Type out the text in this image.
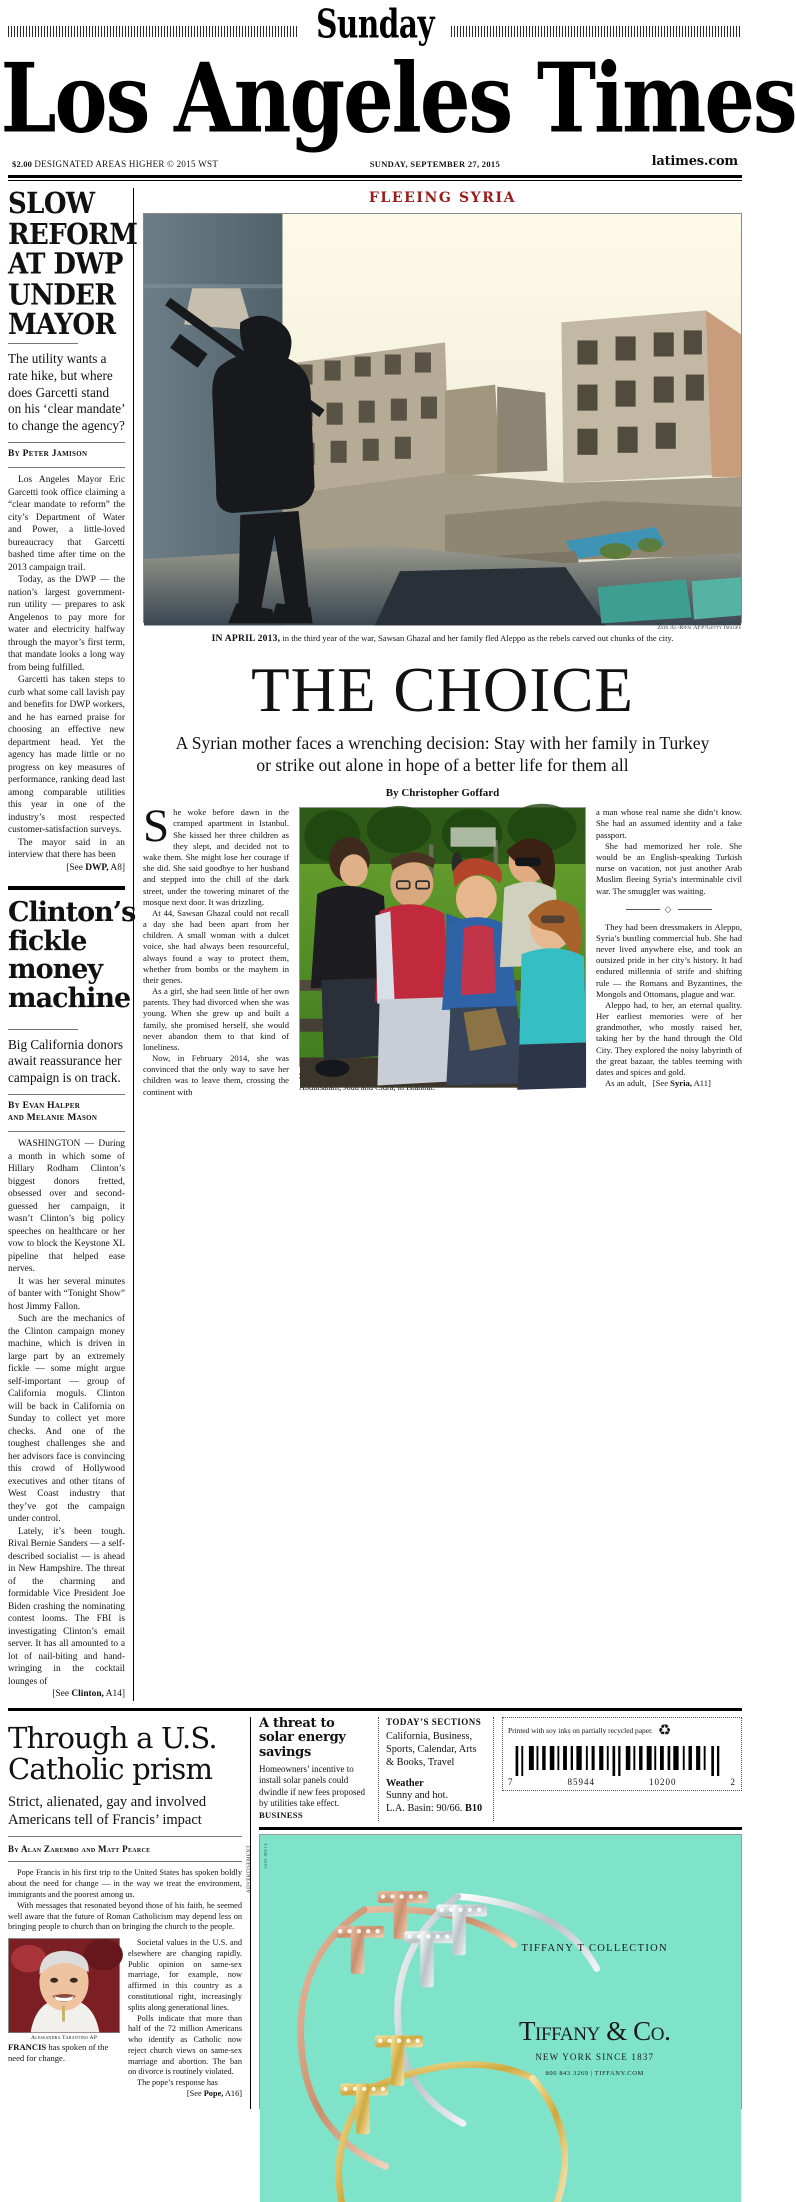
Sunday
Los Angeles Times
$2.00 DESIGNATED AREAS HIGHER © 2015 WST	SUNDAY, SEPTEMBER 27, 2015	latimes.com
SLOW REFORM AT DWP UNDER MAYOR
The utility wants a rate hike, but where does Garcetti stand on his ‘clear mandate’ to change the agency?
By Peter Jamison

Los Angeles Mayor Eric Garcetti took office claiming a “clear mandate to reform” the city’s Department of Water and Power, a little-loved bureaucracy that Garcetti bashed time after time on the 2013 campaign trail.

Today, as the DWP — the nation’s largest government-run utility — prepares to ask Angelenos to pay more for water and electricity halfway through the mayor’s first term, that mandate looks a long way from being fulfilled.

Garcetti has taken steps to curb what some call lavish pay and benefits for DWP workers, and he has earned praise for choosing an effective new department head. Yet the agency has made little or no progress on key measures of performance, ranking dead last among comparable utilities this year in one of the industry’s most respected customer-satisfaction surveys.

The mayor said in an interview that there has been

[See DWP, A8]

Clinton’s fickle money machine
Big California donors await reassurance her campaign is on track.
By Evan Halper
and Melanie Mason

WASHINGTON — During a month in which some of Hillary Rodham Clinton’s biggest donors fretted, obsessed over and second-guessed her campaign, it wasn’t Clinton’s big policy speeches on healthcare or her vow to block the Keystone XL pipeline that helped ease nerves.

It was her several minutes of banter with “Tonight Show” host Jimmy Fallon.

Such are the mechanics of the Clinton campaign money machine, which is driven in large part by an extremely fickle — some might argue self-important — group of California moguls. Clinton will be back in California on Sunday to collect yet more checks. And one of the toughest challenges she and her advisors face is convincing this crowd of Hollywood executives and other titans of West Coast industry that they’ve got the campaign under control.

Lately, it’s been tough. Rival Bernie Sanders — a self-described socialist — is ahead in New Hampshire. The threat of the charming and formidable Vice President Joe Biden crashing the nominating contest looms. The FBI is investigating Clinton’s email server. It has all amounted to a lot of nail-biting and hand-wringing in the cocktail lounges of

[See Clinton, A14]

FLEEING SYRIA
Zein Al-Rifai AFP/Getty Images
IN APRIL 2013, in the third year of the war, Sawsan Ghazal and her family fled Aleppo as the rebels carved out chunks of the city.
THE CHOICE
A Syrian mother faces a wrenching decision: Stay with her family in Turkey or strike out alone in hope of a better life for them all
By Christopher Goffard

She woke before dawn in the cramped apartment in Istanbul. She kissed her three children as they slept, and decided not to wake them. She might lose her courage if she did. She said goodbye to her husband and stepped into the chill of the dark street, under the towering minaret of the mosque next door. It was drizzling.

At 44, Sawsan Ghazal could not recall a day she had been apart from her children. A small woman with a dulcet voice, she had always been resourceful, always found a way to protect them, whether from bombs or the mayhem in their genes.

As a girl, she had seen little of her own parents. They had divorced when she was young. When she grew up and built a family, she promised herself, she would never abandon them to that kind of loneliness.

Now, in February 2014, she was convinced that the only way to save her children was to leave them, crossing the continent with

a man whose real name she didn’t know. She had an assumed identity and a fake passport.

She had memorized her role. She would be an English-speaking Turkish nurse on vacation, not just another Arab Muslim fleeing Syria’s interminable civil war. The smuggler was waiting.

◇

They had been dressmakers in Aleppo, Syria’s bustling commercial hub. She had never lived anywhere else, and took an outsized pride in her city’s history. It had endured millennia of strife and shifting rule — the Romans and Byzantines, the Mongols and Ottomans, plague and war.

Aleppo had, to her, an eternal quality. Her earliest memories were of her grandmother, who mostly raised her, taking her by the hand through the Old City. They explored the noisy labyrinth of the great bazaar, the tables teeming with dates and spices and gold.

As an adult, [See Syria, A11]

Through a U.S. Catholic prism
Strict, alienated, gay and involved Americans tell of Francis’ impact
By Alan Zarembo and Matt Pearce

Pope Francis in his first trip to the United States has spoken boldly about the need for change — in the way we treat the environment, immigrants and the poorest among us.

With messages that resonated beyond those of his faith, he seemed well aware that the future of Roman Catholicism may depend less on bringing people to church than on bringing the church to the people.

Alessandra Tarantino AP
FRANCIS has spoken of the need for change.

Societal values in the U.S. and elsewhere are changing rapidly. Public opinion on same-sex marriage, for example, now affirmed in this country as a constitutional right, increasingly splits along generational lines.

Polls indicate that more than half of the 72 million Americans who identify as Catholic now reject church views on same-sex marriage and abortion. The ban on divorce is routinely violated.

The pope’s response has

[See Pope, A16]

A threat to solar energy savings
Homeowners’ incentive to install solar panels could dwindle if new fees proposed by utilities take effect. BUSINESS
TODAY’S SECTIONS
California, Business, Sports, Calendar, Arts & Books, Travel
Weather
Sunny and hot.
L.A. Basin: 90/66. B10
Printed with soy inks on partially recycled paper. ♻
7	85944	10200	2
T1500 3691
TIFFANY T COLLECTION
Tiffany & Co.
NEW YORK SINCE 1837
800 843 3269 | TIFFANY.COM
ADVERTISEMENT
